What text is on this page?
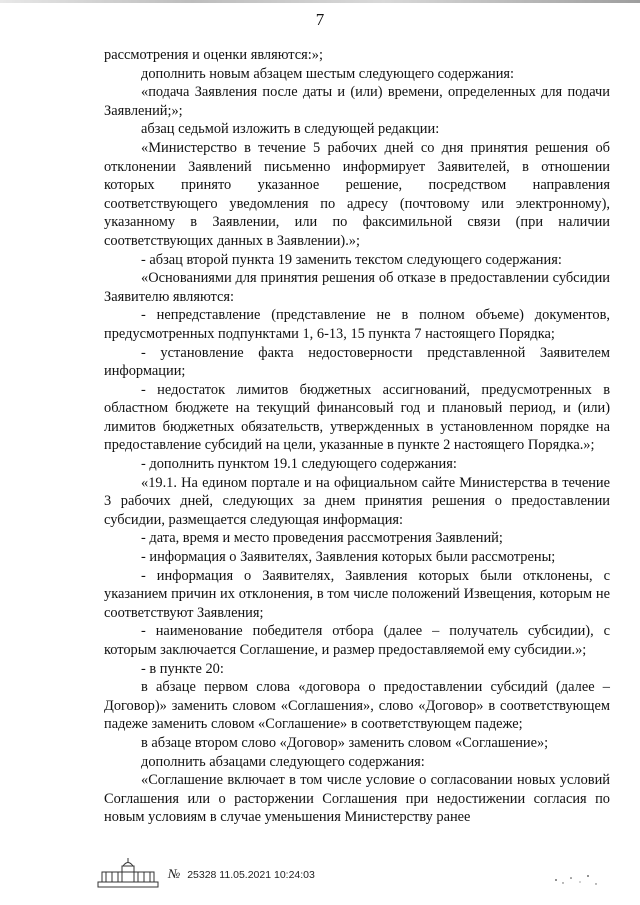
7

рассмотрения и оценки являются:»;

дополнить новым абзацем шестым следующего содержания:

«подача Заявления после даты и (или) времени, определенных для подачи Заявлений;»;

абзац седьмой изложить в следующей редакции:

«Министерство в течение 5 рабочих дней со дня принятия решения об отклонении Заявлений письменно информирует Заявителей, в отношении которых принято указанное решение, посредством направления соответствующего уведомления по адресу (почтовому или электронному), указанному в Заявлении, или по факсимильной связи (при наличии соответствующих данных в Заявлении).»;

- абзац второй пункта 19 заменить текстом следующего содержания:

«Основаниями для принятия решения об отказе в предоставлении субсидии Заявителю являются:

- непредставление (представление не в полном объеме) документов, предусмотренных подпунктами 1, 6-13, 15 пункта 7 настоящего Порядка;

- установление факта недостоверности представленной Заявителем информации;

- недостаток лимитов бюджетных ассигнований, предусмотренных в областном бюджете на текущий финансовый год и плановый период, и (или) лимитов бюджетных обязательств, утвержденных в установленном порядке на предоставление субсидий на цели, указанные в пункте 2 настоящего Порядка.»;

- дополнить пунктом 19.1 следующего содержания:

«19.1. На едином портале и на официальном сайте Министерства в течение 3 рабочих дней, следующих за днем принятия решения о предоставлении субсидии, размещается следующая информация:

- дата, время и место проведения рассмотрения Заявлений;

- информация о Заявителях, Заявления которых были рассмотрены;

- информация о Заявителях, Заявления которых были отклонены, с указанием причин их отклонения, в том числе положений Извещения, которым не соответствуют Заявления;

- наименование победителя отбора (далее – получатель субсидии), с которым заключается Соглашение, и размер предоставляемой ему субсидии.»;

- в пункте 20:

в абзаце первом слова «договора о предоставлении субсидий (далее – Договор)» заменить словом «Соглашения», слово «Договор» в соответствующем падеже заменить словом «Соглашение» в соответствующем падеже;

в абзаце втором слово «Договор» заменить словом «Соглашение»;

дополнить абзацами следующего содержания:

«Соглашение включает в том числе условие о согласовании новых условий Соглашения или о расторжении Соглашения при недостижении согласия по новым условиям в случае уменьшения Министерству ранее

№ 25328 11.05.2021 10:24:03
